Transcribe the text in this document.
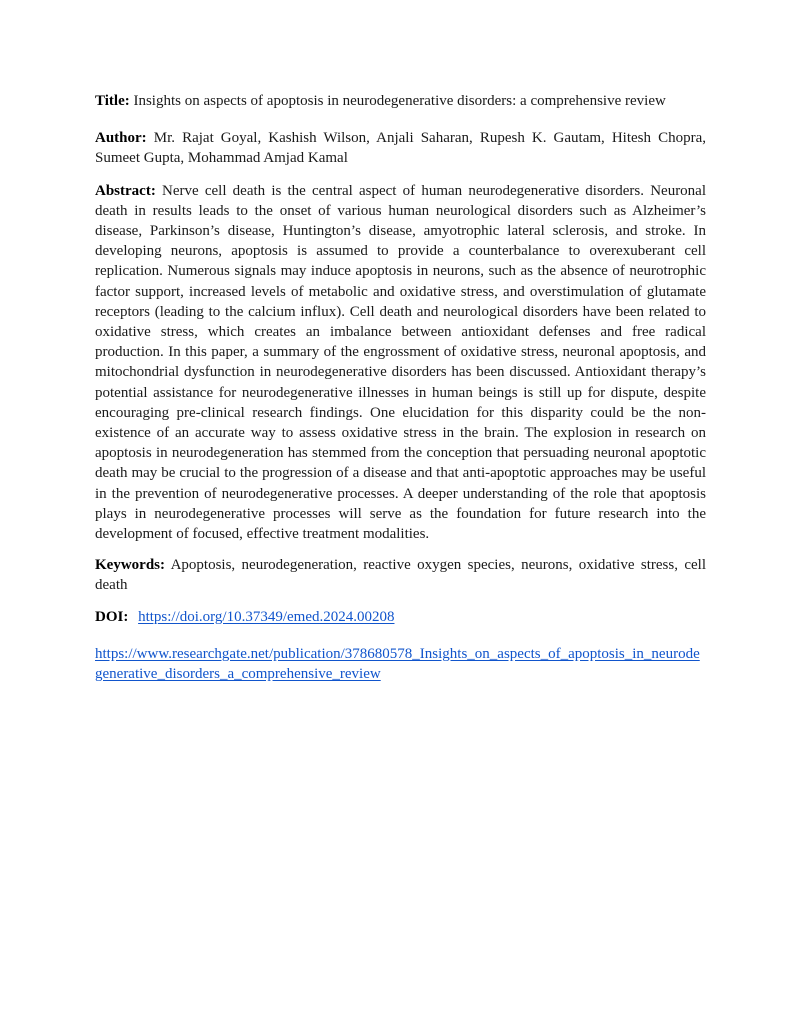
Title: Insights on aspects of apoptosis in neurodegenerative disorders: a comprehensive review

Author: Mr. Rajat Goyal, Kashish Wilson, Anjali Saharan, Rupesh K. Gautam, Hitesh Chopra, Sumeet Gupta, Mohammad Amjad Kamal

Abstract: Nerve cell death is the central aspect of human neurodegenerative disorders. Neuronal death in results leads to the onset of various human neurological disorders such as Alzheimer’s disease, Parkinson’s disease, Huntington’s disease, amyotrophic lateral sclerosis, and stroke. In developing neurons, apoptosis is assumed to provide a counterbalance to overexuberant cell replication. Numerous signals may induce apoptosis in neurons, such as the absence of neurotrophic factor support, increased levels of metabolic and oxidative stress, and overstimulation of glutamate receptors (leading to the calcium influx). Cell death and neurological disorders have been related to oxidative stress, which creates an imbalance between antioxidant defenses and free radical production. In this paper, a summary of the engrossment of oxidative stress, neuronal apoptosis, and mitochondrial dysfunction in neurodegenerative disorders has been discussed. Antioxidant therapy’s potential assistance for neurodegenerative illnesses in human beings is still up for dispute, despite encouraging pre-clinical research findings. One elucidation for this disparity could be the non-existence of an accurate way to assess oxidative stress in the brain. The explosion in research on apoptosis in neurodegeneration has stemmed from the conception that persuading neuronal apoptotic death may be crucial to the progression of a disease and that anti-apoptotic approaches may be useful in the prevention of neurodegenerative processes. A deeper understanding of the role that apoptosis plays in neurodegenerative processes will serve as the foundation for future research into the development of focused, effective treatment modalities.

Keywords: Apoptosis, neurodegeneration, reactive oxygen species, neurons, oxidative stress, cell death

DOI: https://doi.org/10.37349/emed.2024.00208

https://www.researchgate.net/publication/378680578_Insights_on_aspects_of_apoptosis_in_neurodegenerative_disorders_a_comprehensive_review
